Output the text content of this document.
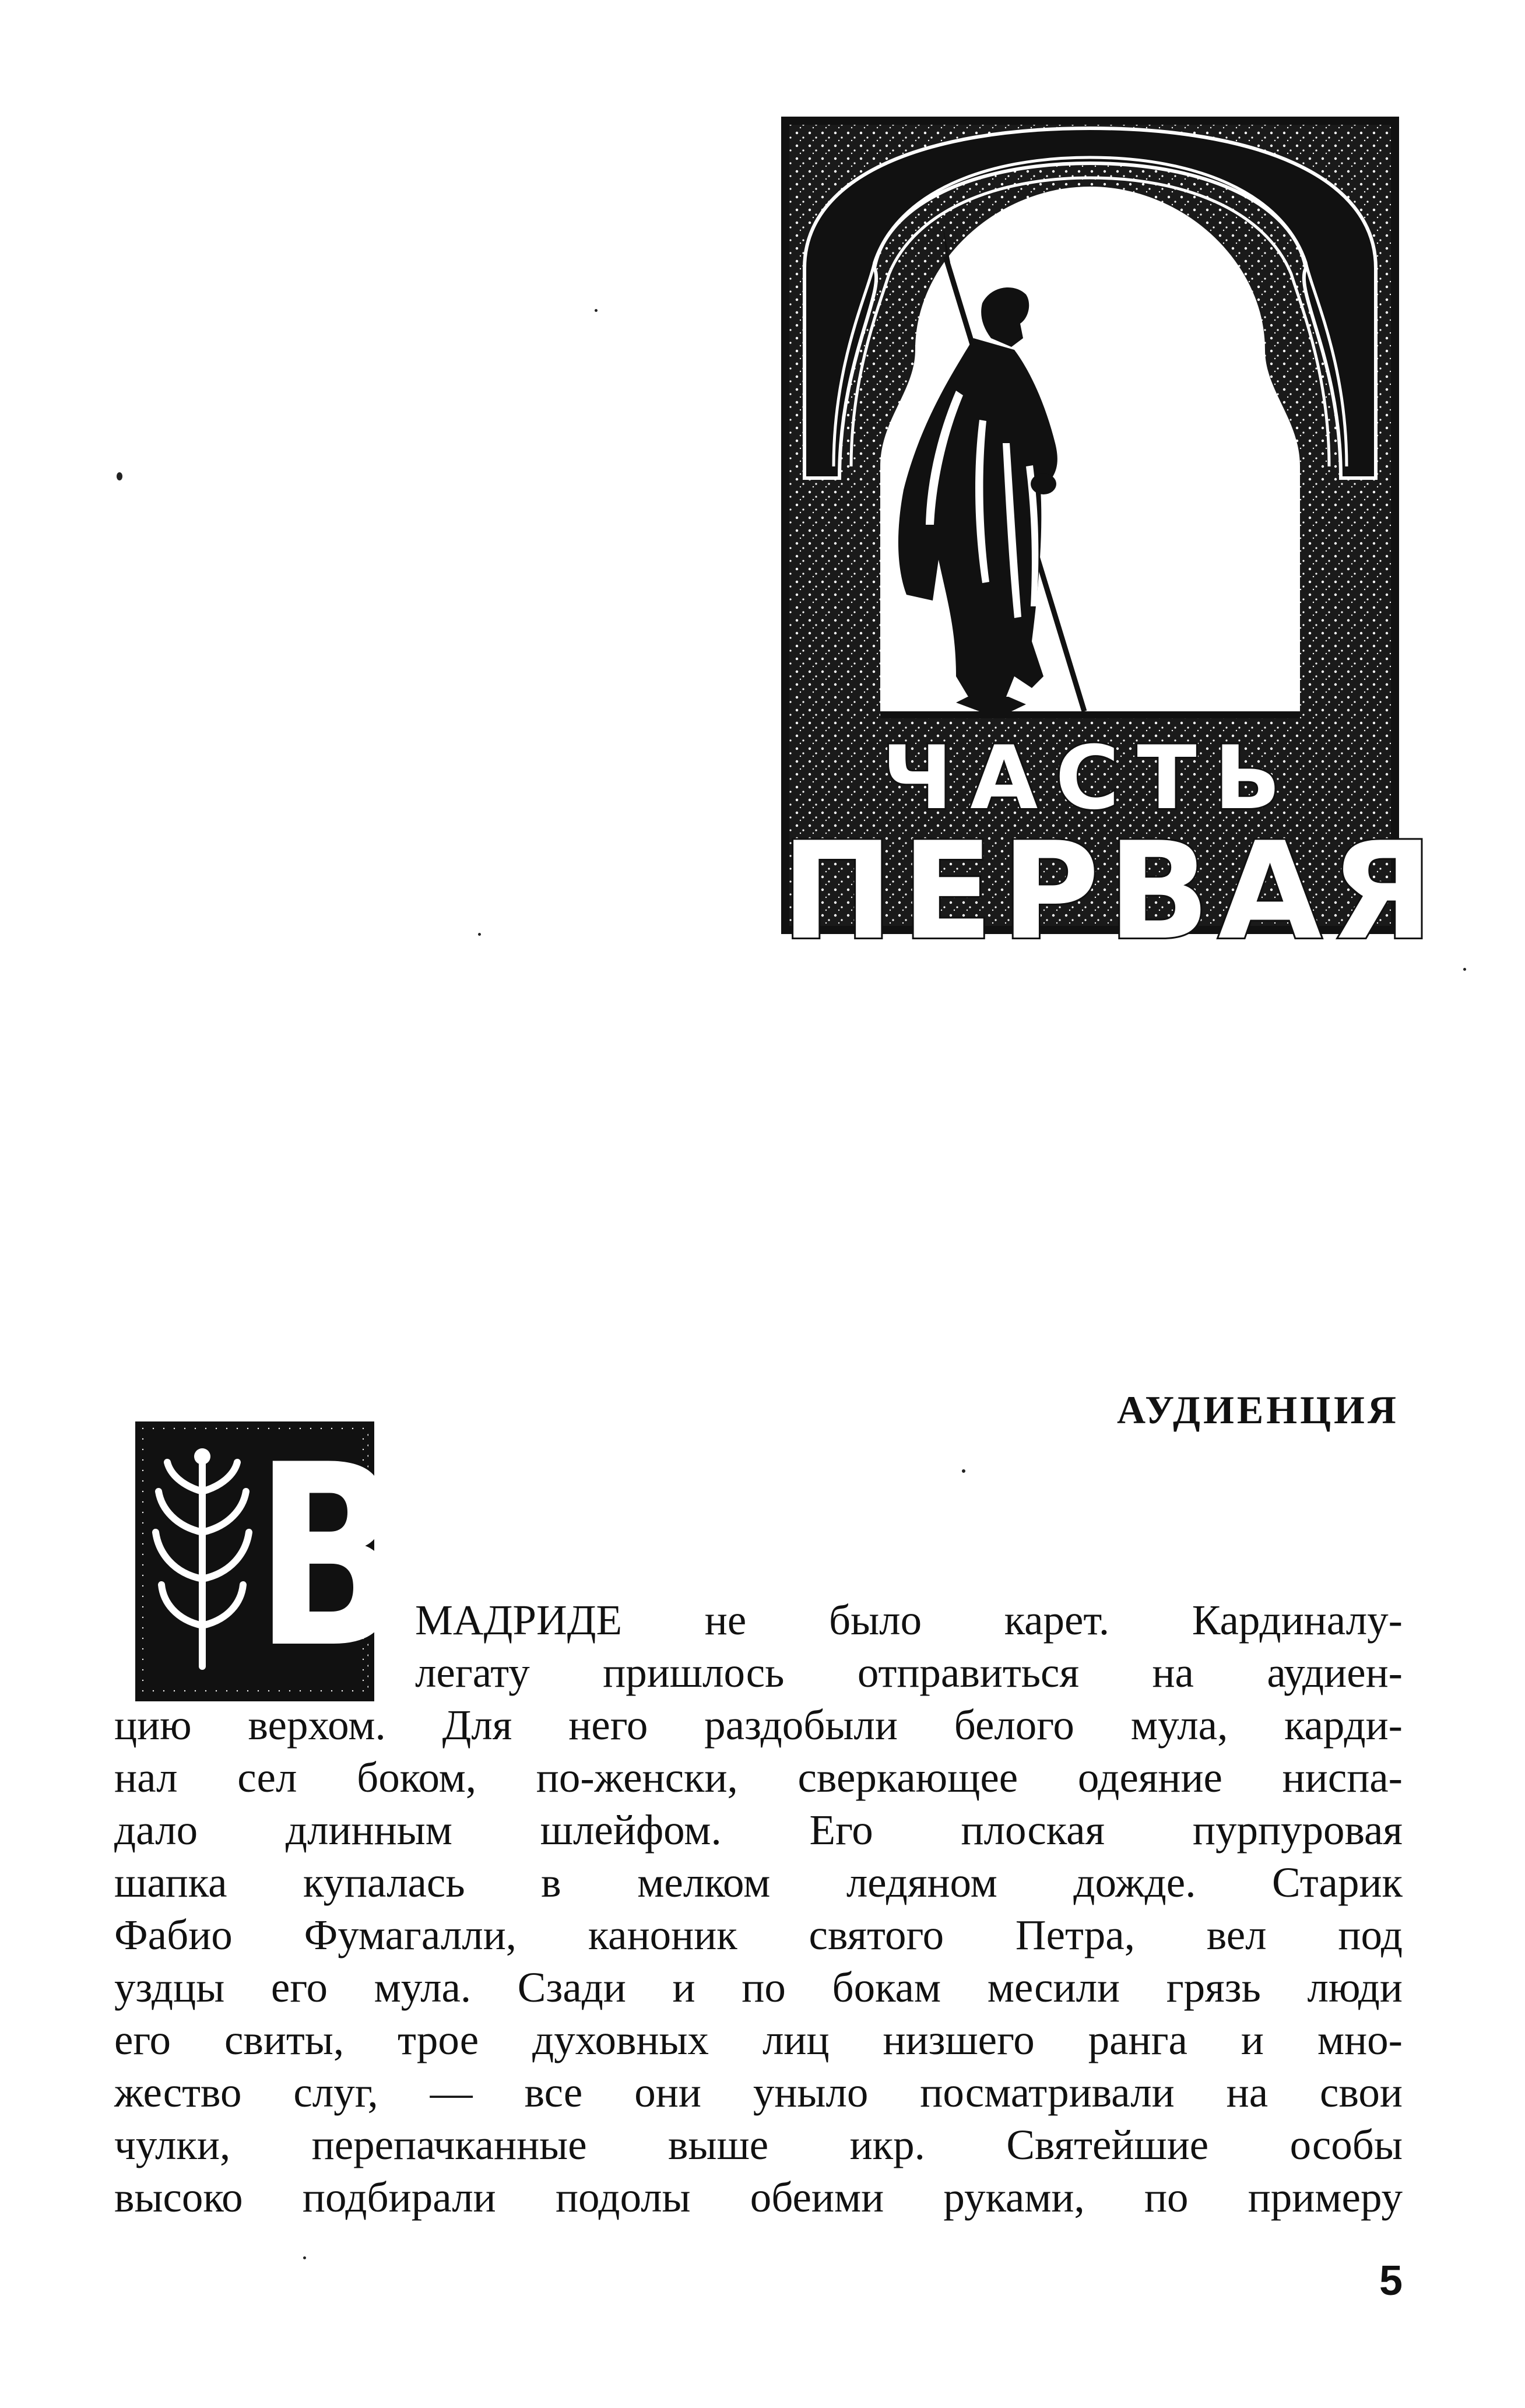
ЧАСТЬ
ПЕРВАЯ
АУДИЕНЦИЯ
В МАДРИДЕ не было карет. Кардиналу-
легату пришлось отправиться на аудиен-
цию верхом. Для него раздобыли белого мула, карди-
нал сел боком, по-женски, сверкающее одеяние ниспа-
дало длинным шлейфом. Его плоская пурпуровая
шапка купалась в мелком ледяном дожде. Старик
Фабио Фумагалли, каноник святого Петра, вел под
уздцы его мула. Сзади и по бокам месили грязь люди
его свиты, трое духовных лиц низшего ранга и мно-
жество слуг, — все они уныло посматривали на свои
чулки, перепачканные выше икр. Святейшие особы
высоко подбирали подолы обеими руками, по примеру
5
